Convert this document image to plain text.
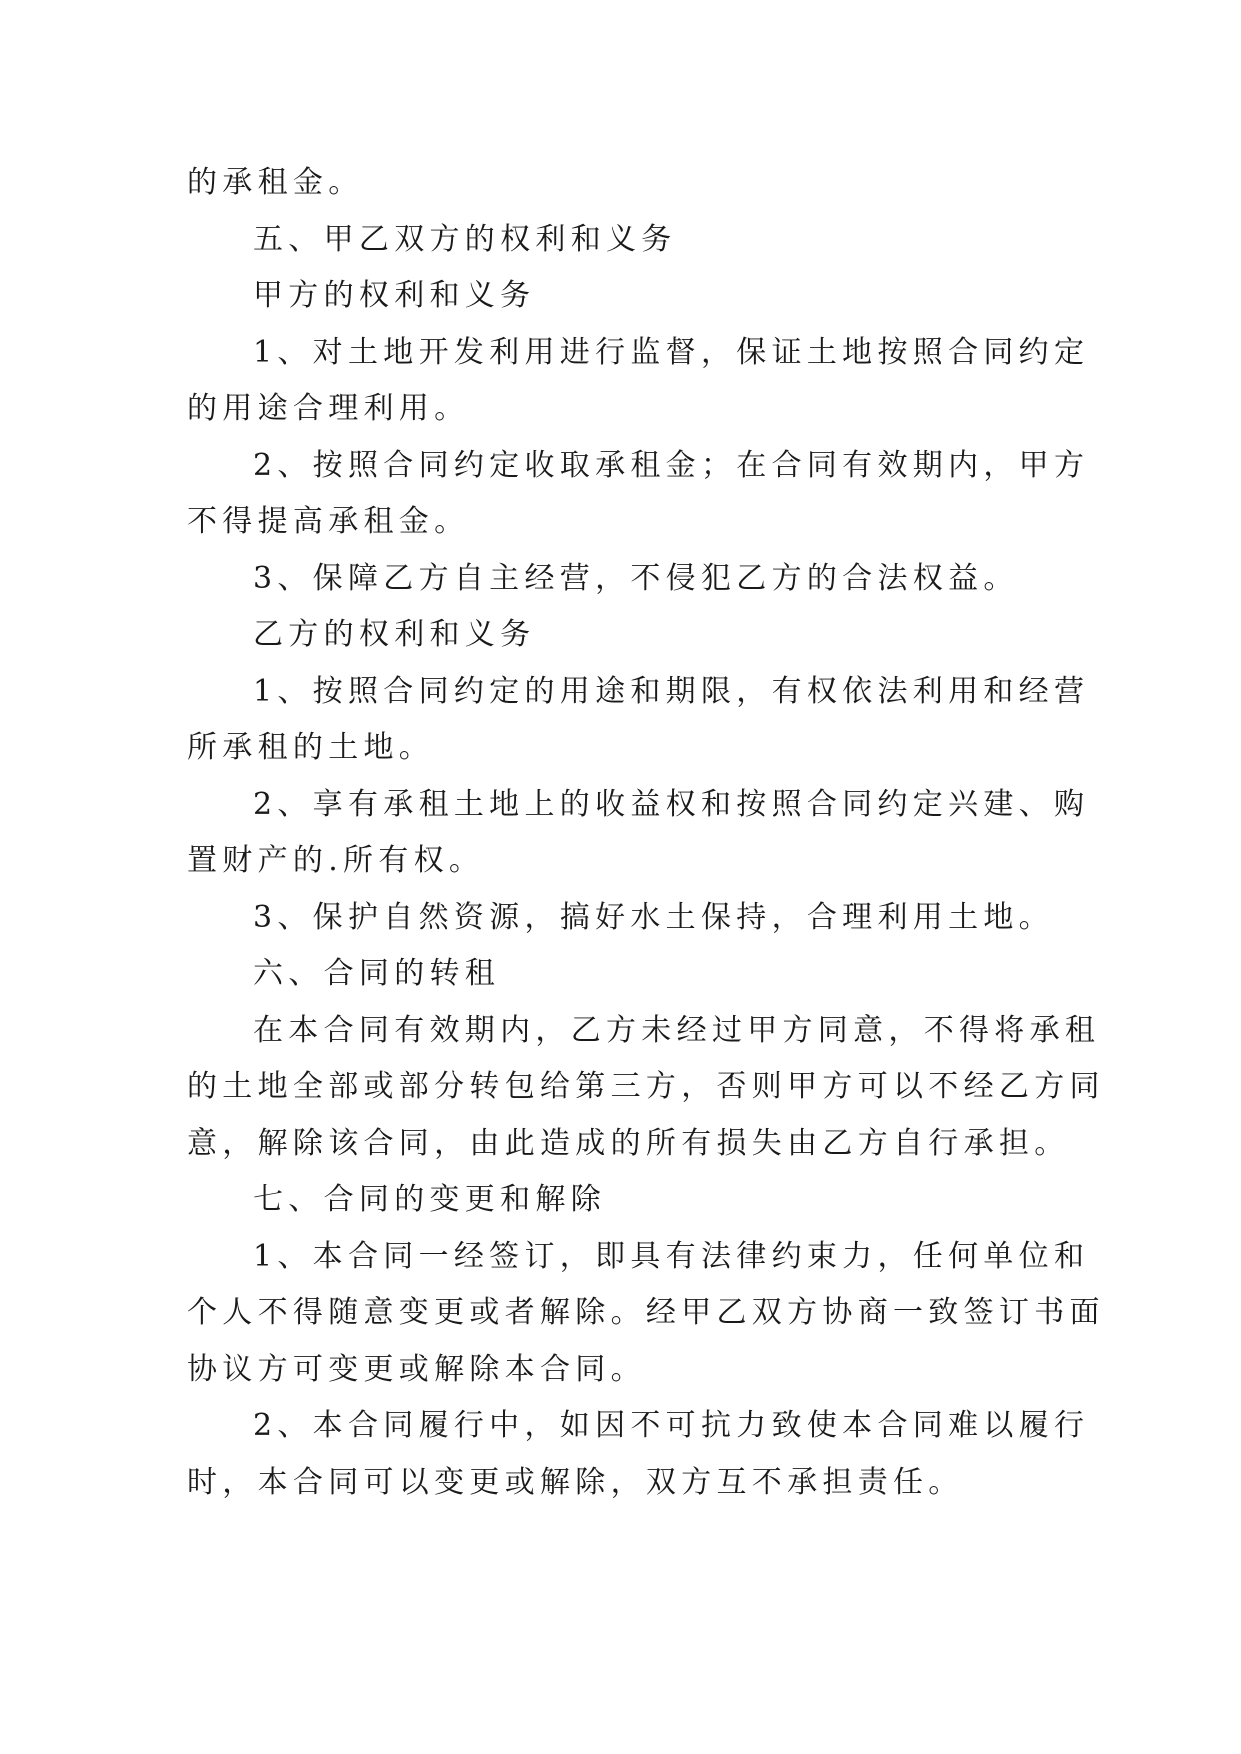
的承租金。
五、甲乙双方的权利和义务
甲方的权利和义务
1、对土地开发利用进行监督，保证土地按照合同约定
的用途合理利用。
2、按照合同约定收取承租金；在合同有效期内，甲方
不得提高承租金。
3、保障乙方自主经营，不侵犯乙方的合法权益。
乙方的权利和义务
1、按照合同约定的用途和期限，有权依法利用和经营
所承租的土地。
2、享有承租土地上的收益权和按照合同约定兴建、购
置财产的.所有权。
3、保护自然资源，搞好水土保持，合理利用土地。
六、合同的转租
在本合同有效期内，乙方未经过甲方同意，不得将承租
的土地全部或部分转包给第三方，否则甲方可以不经乙方同
意，解除该合同，由此造成的所有损失由乙方自行承担。
七、合同的变更和解除
1、本合同一经签订，即具有法律约束力，任何单位和
个人不得随意变更或者解除。经甲乙双方协商一致签订书面
协议方可变更或解除本合同。
2、本合同履行中，如因不可抗力致使本合同难以履行
时，本合同可以变更或解除，双方互不承担责任。
